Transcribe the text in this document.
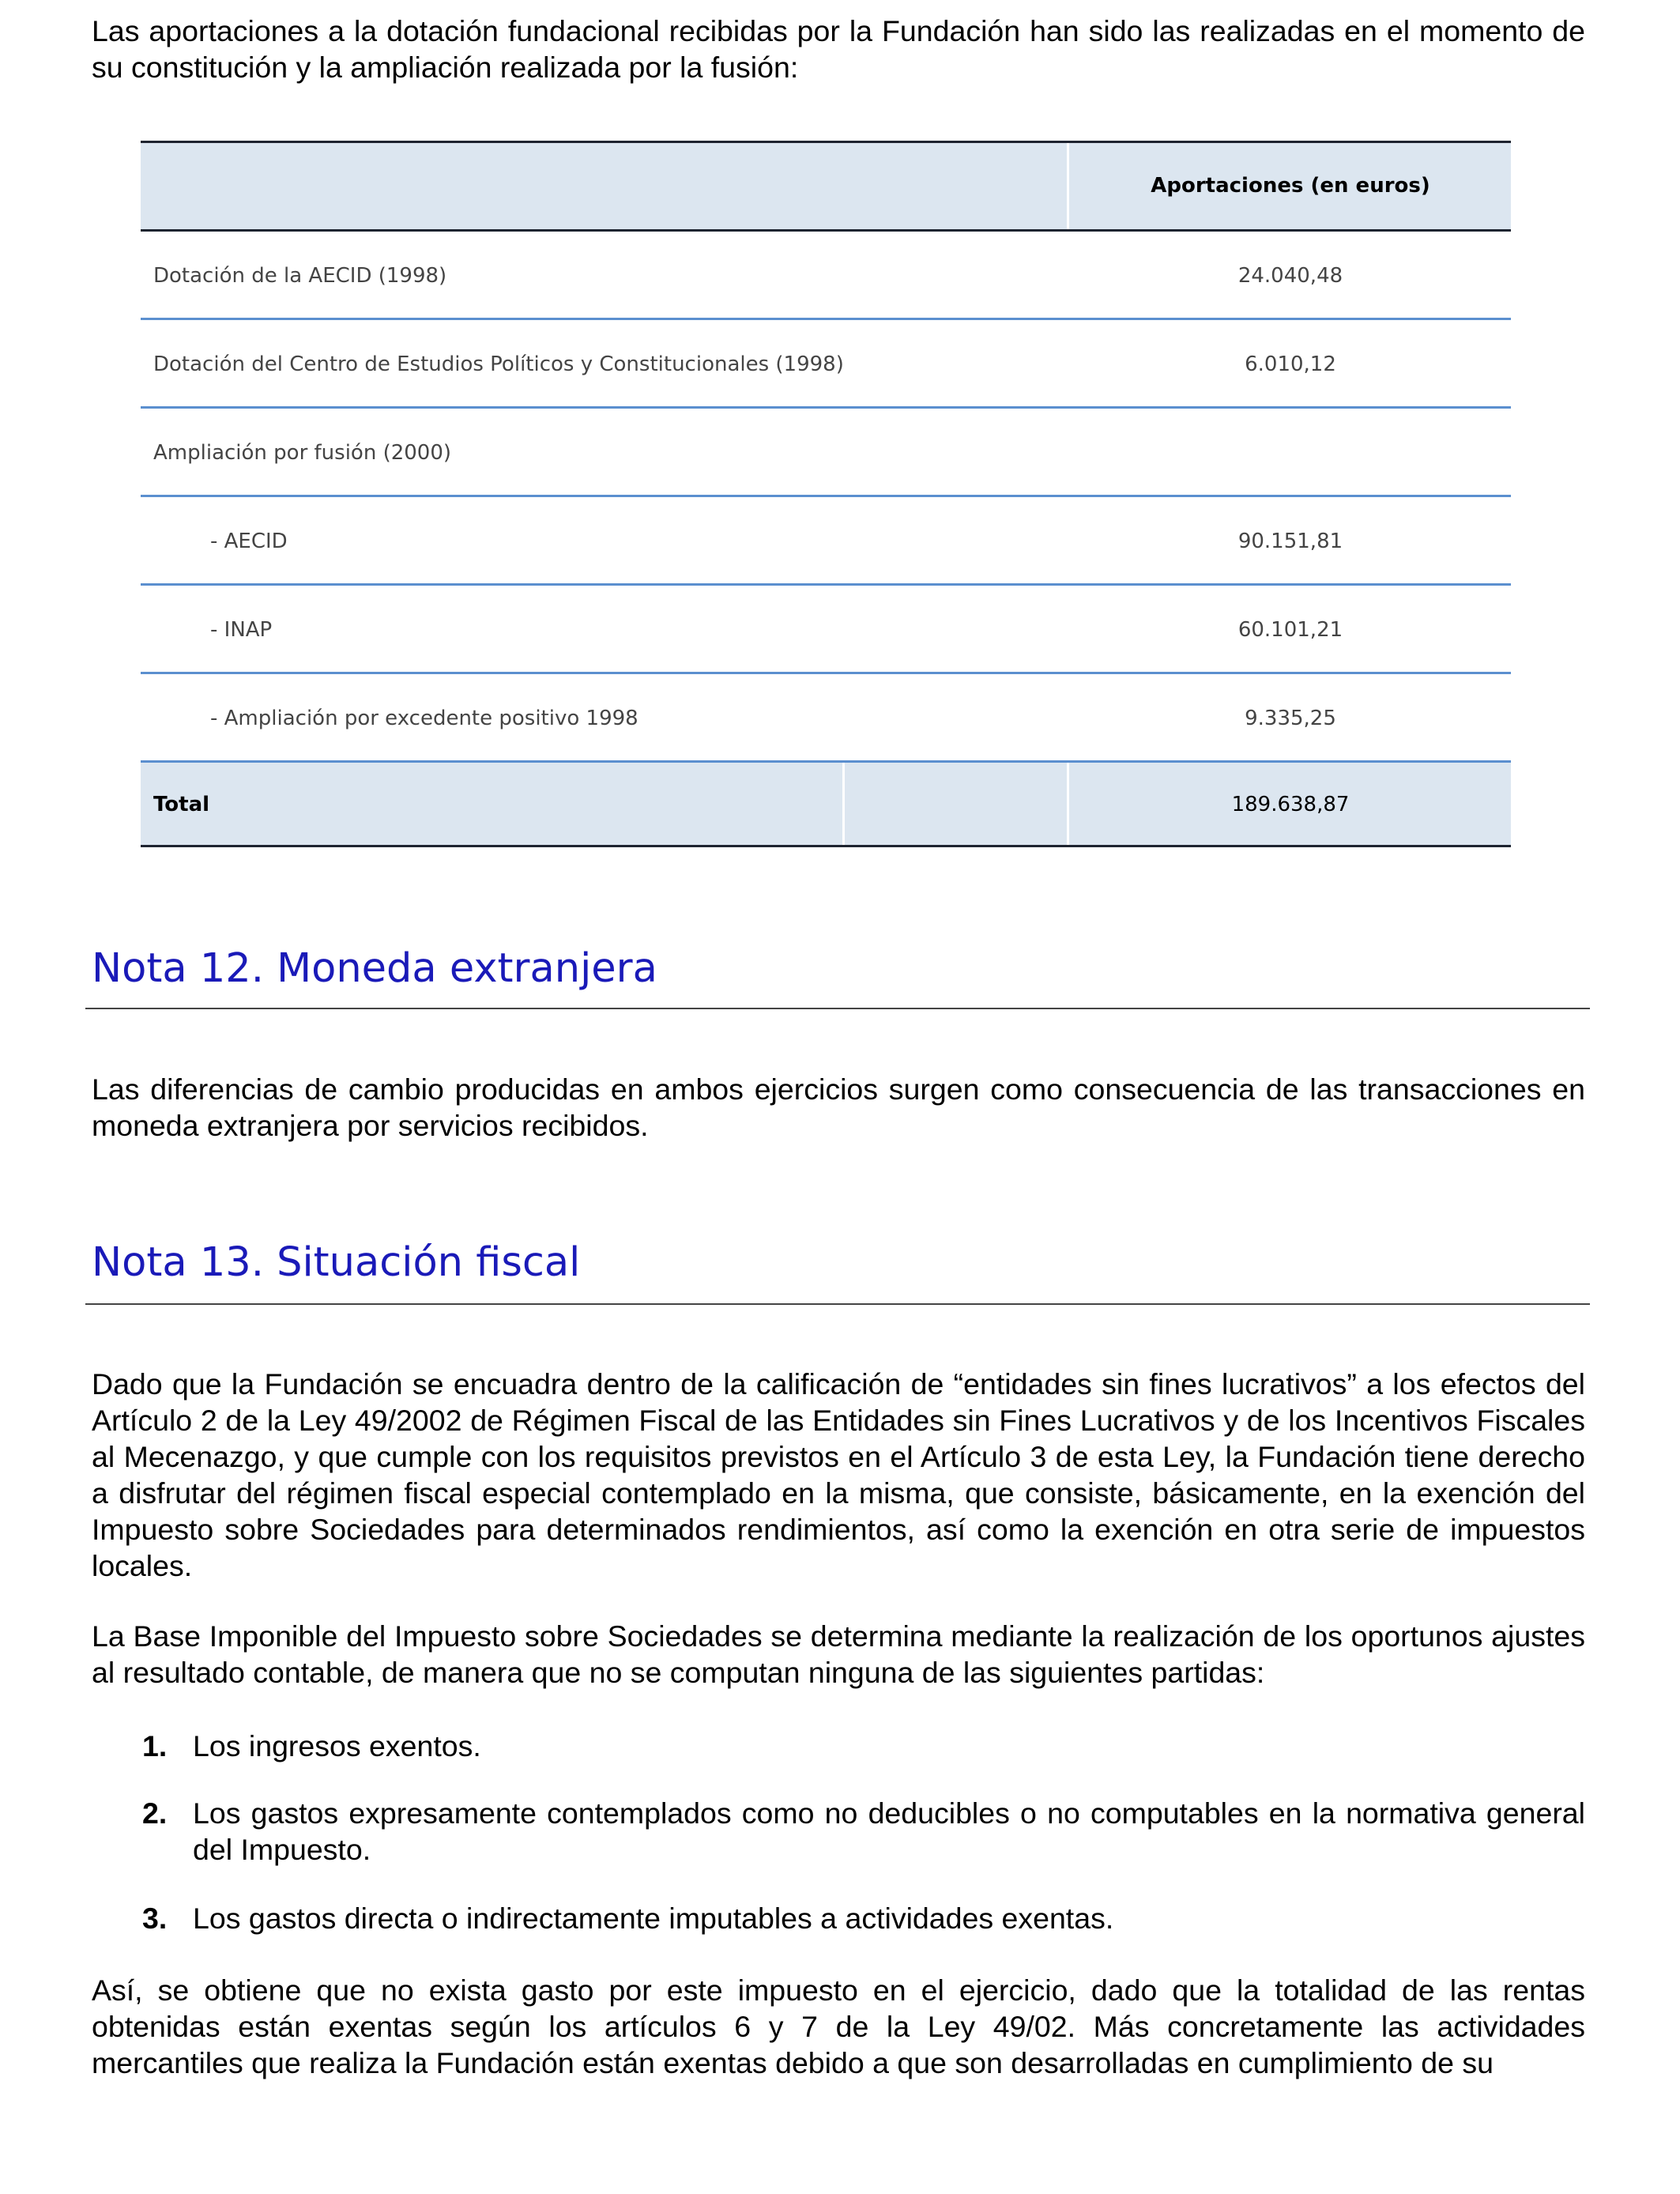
Las aportaciones a la dotación fundacional recibidas por la Fundación han sido las realizadas en el momento de su constitución y la ampliación realizada por la fusión:

Aportaciones (en euros)
Dotación de la AECID (1998)	24.040,48
Dotación del Centro de Estudios Políticos y Constitucionales (1998)	6.010,12
Ampliación por fusión (2000)
- AECID	90.151,81
- INAP	60.101,21
- Ampliación por excedente positivo 1998	9.335,25
Total	189.638,87
Nota 12. Moneda extranjera

Las diferencias de cambio producidas en ambos ejercicios surgen como consecuencia de las transacciones en moneda extranjera por servicios recibidos.

Nota 13. Situación fiscal

Dado que la Fundación se encuadra dentro de la calificación de “entidades sin fines lucrativos” a los efectos del Artículo 2 de la Ley 49/2002 de Régimen Fiscal de las Entidades sin Fines Lucrativos y de los Incentivos Fiscales al Mecenazgo, y que cumple con los requisitos previstos en el Artículo 3 de esta Ley, la Fundación tiene derecho a disfrutar del régimen fiscal especial contemplado en la misma, que consiste, básicamente, en la exención del Impuesto sobre Sociedades para determinados rendimientos, así como la exención en otra serie de impuestos locales.

La Base Imponible del Impuesto sobre Sociedades se determina mediante la realización de los oportunos ajustes al resultado contable, de manera que no se computan ninguna de las siguientes partidas:

1. Los ingresos exentos.
2. Los gastos expresamente contemplados como no deducibles o no computables en la normativa general del Impuesto.
3. Los gastos directa o indirectamente imputables a actividades exentas.

Así, se obtiene que no exista gasto por este impuesto en el ejercicio, dado que la totalidad de las rentas obtenidas están exentas según los artículos 6 y 7 de la Ley 49/02. Más concretamente las actividades mercantiles que realiza la Fundación están exentas debido a que son desarrolladas en cumplimiento de su
